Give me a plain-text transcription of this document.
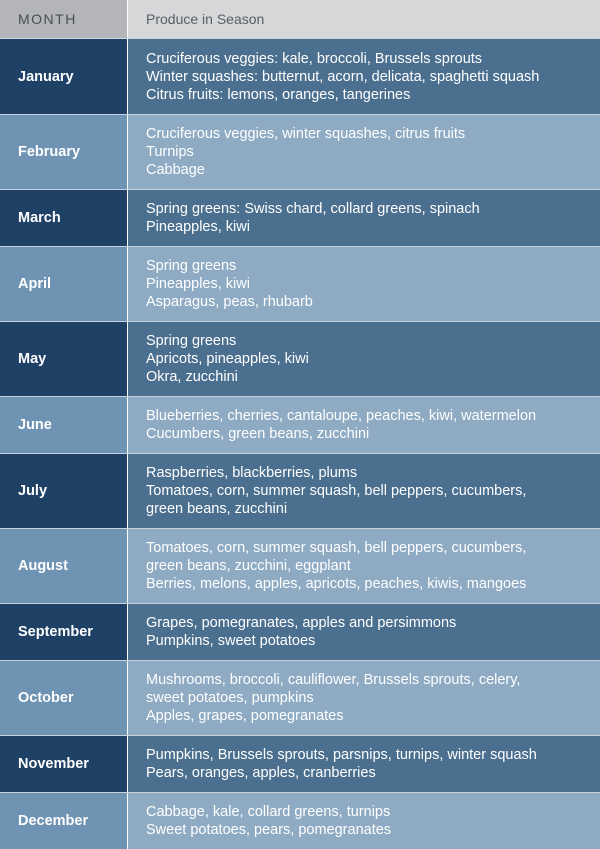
MONTH	Produce in Season
January
Cruciferous veggies: kale, broccoli, Brussels sprouts
Winter squashes: butternut, acorn, delicata, spaghetti squash
Citrus fruits: lemons, oranges, tangerines
February
Cruciferous veggies, winter squashes, citrus fruits
Turnips
Cabbage
March
Spring greens: Swiss chard, collard greens, spinach
Pineapples, kiwi
April
Spring greens
Pineapples, kiwi
Asparagus, peas, rhubarb
May
Spring greens
Apricots, pineapples, kiwi
Okra, zucchini
June
Blueberries, cherries, cantaloupe, peaches, kiwi, watermelon
Cucumbers, green beans, zucchini
July
Raspberries, blackberries, plums
Tomatoes, corn, summer squash, bell peppers, cucumbers,
green beans, zucchini
August
Tomatoes, corn, summer squash, bell peppers, cucumbers,
green beans, zucchini, eggplant
Berries, melons, apples, apricots, peaches, kiwis, mangoes
September
Grapes, pomegranates, apples and persimmons
Pumpkins, sweet potatoes
October
Mushrooms, broccoli, cauliflower, Brussels sprouts, celery,
sweet potatoes, pumpkins
Apples, grapes, pomegranates
November
Pumpkins, Brussels sprouts, parsnips, turnips, winter squash
Pears, oranges, apples, cranberries
December
Cabbage, kale, collard greens, turnips
Sweet potatoes, pears, pomegranates
